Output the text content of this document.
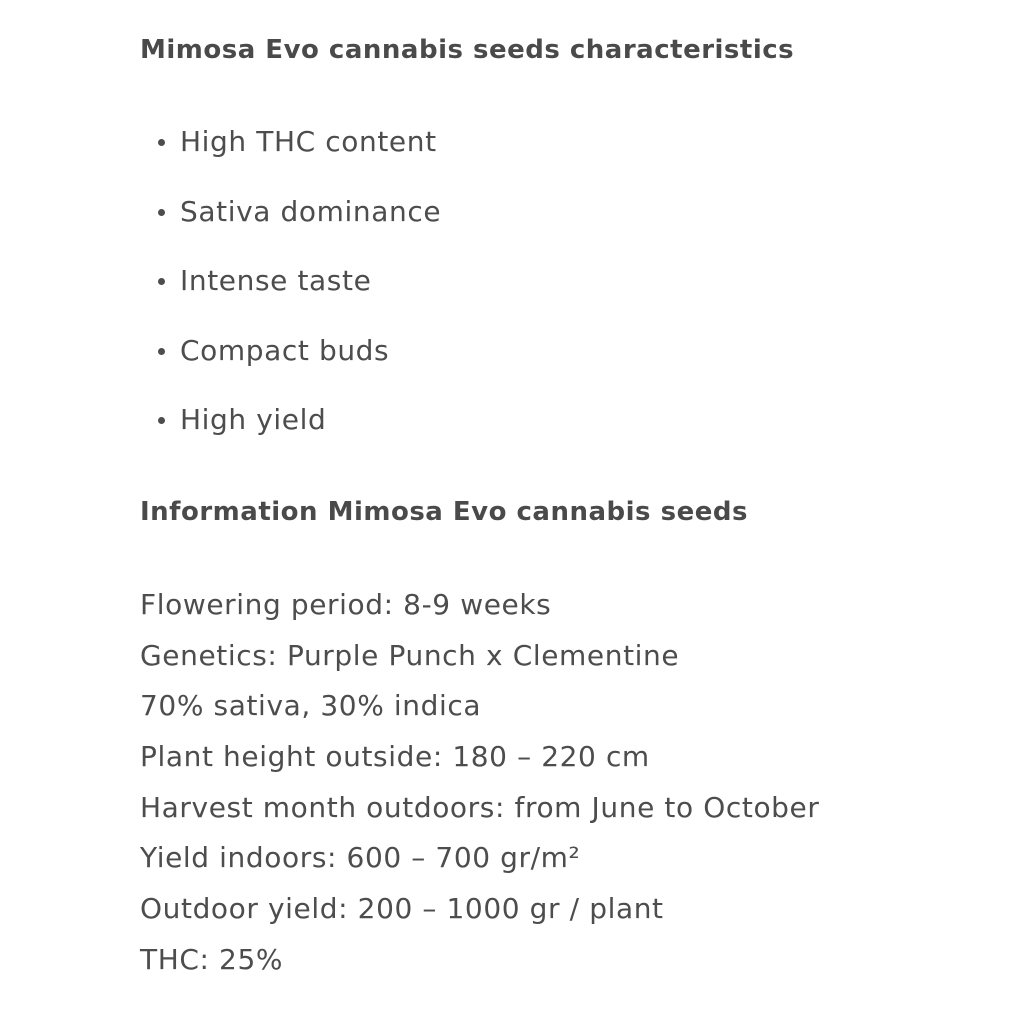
Mimosa Evo cannabis seeds characteristics
High THC content
Sativa dominance
Intense taste
Compact buds
High yield
Information Mimosa Evo cannabis seeds
Flowering period: 8-9 weeks
Genetics: Purple Punch x Clementine
70% sativa, 30% indica
Plant height outside: 180 – 220 cm
Harvest month outdoors: from June to October
Yield indoors: 600 – 700 gr/m²
Outdoor yield: 200 – 1000 gr / plant
THC: 25%
